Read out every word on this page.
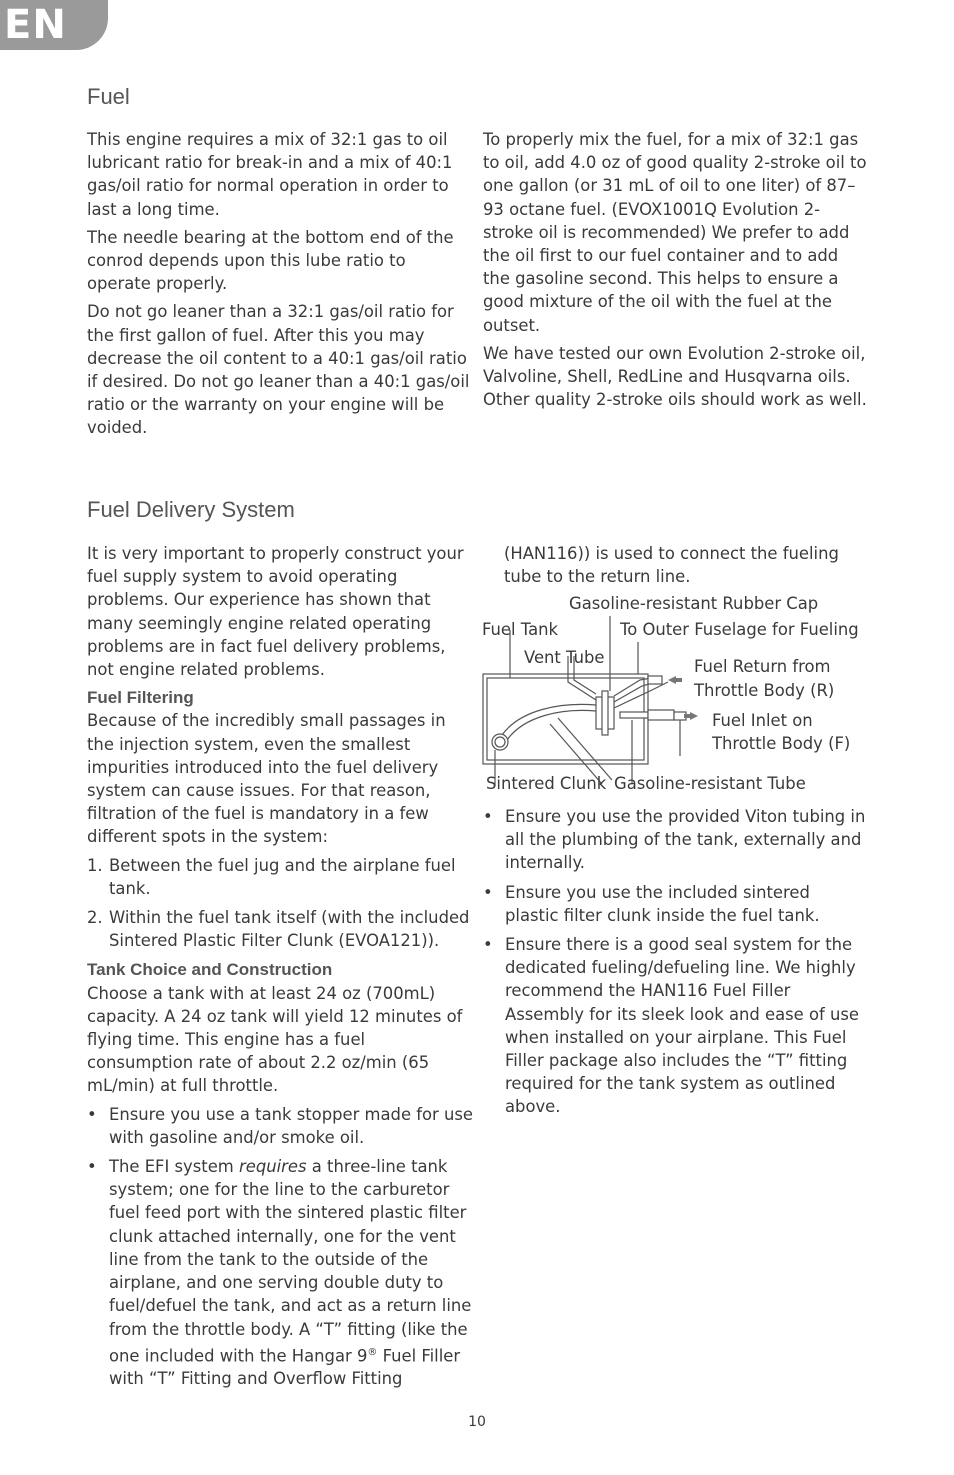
EN
Fuel

This engine requires a mix of 32:1 gas to oil lubricant ratio for break-in and a mix of 40:1 gas/oil ratio for normal operation in order to last a long time.

The needle bearing at the bottom end of the conrod depends upon this lube ratio to operate properly.

Do not go leaner than a 32:1 gas/oil ratio for the first gallon of fuel. After this you may decrease the oil content to a 40:1 gas/oil ratio if desired. Do not go leaner than a 40:1 gas/oil ratio or the warranty on your engine will be voided.

To properly mix the fuel, for a mix of 32:1 gas to oil, add 4.0 oz of good quality 2-stroke oil to one gallon (or 31 mL of oil to one liter) of 87–93 octane fuel. (EVOX1001Q Evolution 2-stroke oil is recommended) We prefer to add the oil first to our fuel container and to add the gasoline second. This helps to ensure a good mixture of the oil with the fuel at the outset.

We have tested our own Evolution 2-stroke oil, Valvoline, Shell, RedLine and Husqvarna oils. Other quality 2-stroke oils should work as well.

Fuel Delivery System

It is very important to properly construct your fuel supply system to avoid operating problems. Our experience has shown that many seemingly engine related operating problems are in fact fuel delivery problems, not engine related problems.

Fuel Filtering

Because of the incredibly small passages in the injection system, even the smallest impurities introduced into the fuel delivery system can cause issues. For that reason, filtration of the fuel is mandatory in a few different spots in the system:

1. Between the fuel jug and the airplane fuel tank.
2. Within the fuel tank itself (with the included Sintered Plastic Filter Clunk (EVOA121)).
Tank Choice and Construction

Choose a tank with at least 24 oz (700mL) capacity. A 24 oz tank will yield 12 minutes of flying time. This engine has a fuel consumption rate of about 2.2 oz/min (65 mL/min) at full throttle.

• Ensure you use a tank stopper made for use with gasoline and/or smoke oil.
• The EFI system requires a three-line tank system; one for the line to the carburetor fuel feed port with the sintered plastic filter clunk attached internally, one for the vent line from the tank to the outside of the airplane, and one serving double duty to fuel/defuel the tank, and act as a return line from the throttle body. A “T” fitting (like the one included with the Hangar 9® Fuel Filler with “T” Fitting and Overflow Fitting

(HAN116)) is used to connect the fueling tube to the return line.

Gasoline-resistant Rubber Cap
Fuel Tank	To Outer Fuselage for Fueling
Vent Tube	Fuel Return from
Throttle Body (R)
Fuel Inlet on
Throttle Body (F)
Sintered Clunk Gasoline-resistant Tube
• Ensure you use the provided Viton tubing in all the plumbing of the tank, externally and internally.
• Ensure you use the included sintered plastic filter clunk inside the fuel tank.
• Ensure there is a good seal system for the dedicated fueling/defueling line. We highly recommend the HAN116 Fuel Filler Assembly for its sleek look and ease of use when installed on your airplane. This Fuel Filler package also includes the “T” fitting required for the tank system as outlined above.
10
